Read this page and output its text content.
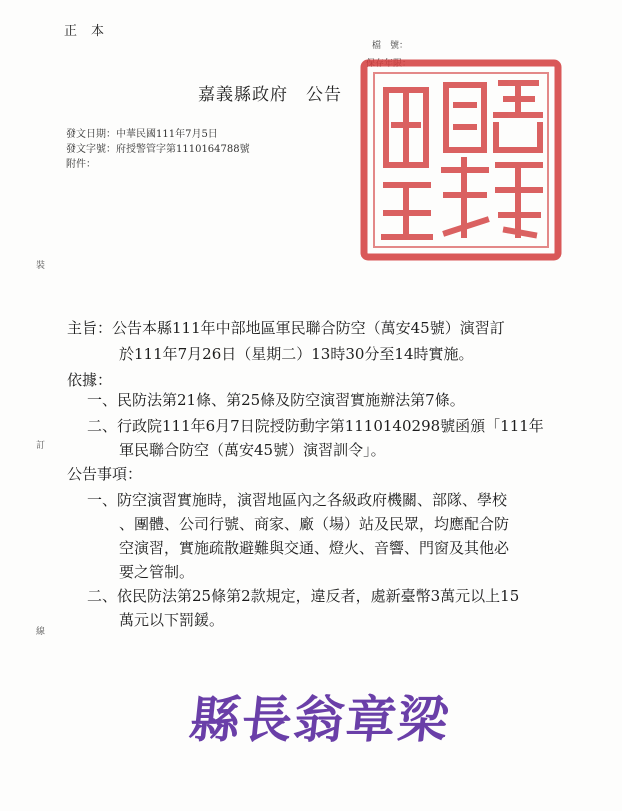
正本
檔　號：
保存年限：
嘉義縣政府　 公告
發文日期：中華民國111年7月5日
發文字號：府授警管字第1110164788號
附件：
裝
訂
線
主旨：公告本縣111年中部地區軍民聯合防空（萬安45號）演習訂
於111年7月26日（星期二）13時30分至14時實施。
依據：
一、民防法第21條、第25條及防空演習實施辦法第7條。
二、行政院111年6月7日院授防動字第1110140298號函頒「111年
軍民聯合防空（萬安45號）演習訓令」。
公告事項：
一、防空演習實施時，演習地區內之各級政府機關、部隊、學校
、團體、公司行號、商家、廠（場）站及民眾，均應配合防
空演習，實施疏散避難與交通、燈火、音響、門窗及其他必
要之管制。
二、依民防法第25條第2款規定，違反者，處新臺幣3萬元以上15
萬元以下罰鍰。
縣長翁章梁
